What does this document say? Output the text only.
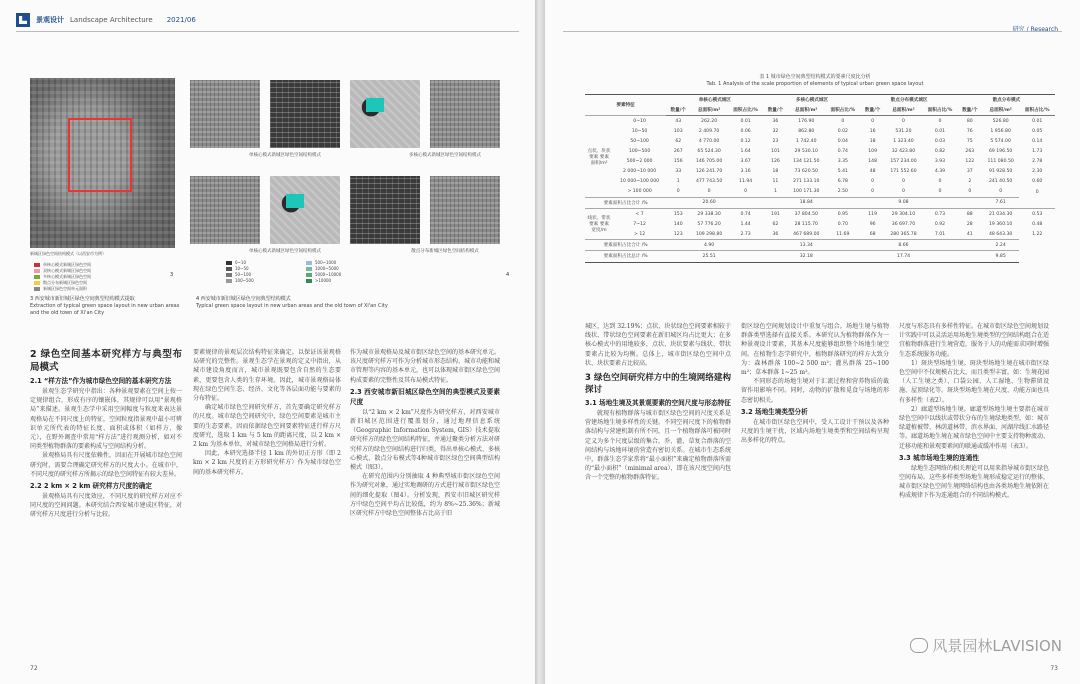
景观设计 Landscape Architecture 2021/06
新城区绿色空间结构模式（以西安市为例）
单核心模式新城区绿色空间
双核心模式新城区绿色空间
多核心模式新城区绿色空间
散点分布新城区绿色空间
新城区绿色空间单元面积
3
单核心模式新城区绿色空间结构模式	多核心模式新城区绿色空间结构模式
单核心模式新城区绿色空间结构模式	散点分布新城区绿色空间结构模式
0~10
10~50
50~100
100~500
500~1000
1000~5000
5000~10000
>10000
4
3 西安城市新旧城区绿色空间典型结构模式提取
Extraction of typical green space layout in new urban areas and the old town of Xi'an City
4 西安城市新旧城区绿色空间典型结构模式
Typical green space layout in new urban areas and the old town of Xi'an City
2 绿色空间基本研究样方与典型布局模式
2.1 “样方法”作为城市绿色空间的基本研究方法

景观生态学研究中指出：各种景观要素在空间上按一定规律组合，形成有序的镶嵌体，其规律可以用“景观格局”来描述。景观生态学中采用空间幅度与粒度来表达景观格局在不同尺度上的特征，空间粒度指景观中最小可辨识单元所代表的特征长度、面积或体积（如样方、像元），在野外调查中常用“样方法”进行观测分析，如对不同类型植物群落的要素构成与空间结构分析。

景观格局具有尺度依赖性，因而在开展城市绿色空间研究时，需要合理确定研究样方的尺度大小。在城市中，不同尺度的研究样方所揭示的绿色空间特征有较大差异。

2.2 2 km × 2 km 研究样方尺度的确定

景观格局具有尺度效应，不同尺度的研究样方对应不同尺度的空间问题。本研究结合西安城市建成区特征，对研究样方尺度进行分析与比较。

要素规律的景观层次结构特征来确定。以保证该景观格局研究的完整性。景观生态学在景观的定义中指出，从城市建设角度而言，城市景观既要包含自然的生态要素，更要包含人类的生存环境。因此，城市景观格局体现在绿色空间生态、经济、文化等各层面功能与要素的分布特征。

确定城市绿色空间研究样方，首先要确定研究样方的尺度。城市绿色空间研究中，绿色空间要素是城市主要的生态要素，因而依据绿色空间要素特征进行样方尺度研究，选取 1 km 与 5 km 的距离尺度，以 2 km × 2 km 为基本单位，对城市绿色空间格局进行分析。

因此，本研究选择半径 1 km 的外切正方形（即 2 km × 2 km 尺度的正方形研究样方）作为城市绿色空间的基本研究样方。

作为城市景观格局及城市街区绿色空间的基本研究单元。该尺度研究样方可作为分析城市形态结构、城市功能和城市管理等内容的基本单元，也可以体现城市街区绿色空间构成要素的完整性及其布局模式特征。

2.3 西安城市新旧城区绿色空间的典型模式及要素尺度

以“2 km × 2 km”尺度作为研究样方，对西安城市新旧城区范围进行覆盖划分，通过地理信息系统（Geographic Information System, GIS）技术提取研究样方的绿色空间结构特征，并通过聚类分析方法对研究样方的绿色空间结构进行归类，得出单核心模式、多核心模式、散点分布模式等4种城市街区绿色空间典型结构模式（图3）。

在研究范围内分别抽取 4 种典型城市街区绿色空间作为研究对象，通过实地调研的方式进行城市街区绿色空间的细化提取（图4）。分析发现，西安市旧城区研究样方中绿色空间平均占比较低，约为 8%~25.36%；新城区研究样方中绿色空间整体占比高于旧

72
研究 / Research
表 1 城市绿色空间典型结构模式的要素尺度比分析
Tab. 1 Analysis of the scale proportion of elements of typical urban green space layout
要素特征		单核心模式城区			多核心模式城区			散点分布模式城区			散点分布模式		
		数量/个	总面积/m²	面积占比/%	数量/个	总面积/m²	面积占比/%	数量/个	总面积/m²	面积占比/%	数量/个	总面积/m²	面积占比/%
点状、块状要素 要素面积/m²	0~10	43	262.20	0.01	36	176.90	0	0	0	0	80	526.80	0.01
	10~50	103	2 409.70	0.06	32	862.80	0.02	16	531.20	0.01	76	1 956.80	0.05
	50~100	62	4 770.00	0.12	23	1 742.40	0.04	18	1 323.40	0.03	75	5 574.00	0.14
	100~500	267	65 524.30	1.64	101	29 530.10	0.74	109	32 423.80	0.82	263	69 196.50	1.73
	500~2 000	156	146 705.00	3.67	126	134 121.50	3.35	148	157 234.00	3.93	122	111 080.50	2.78
	2 000~10 000	33	126 241.70	3.16	18	73 620.50	5.41	48	171 552.60	4.39	37	91 928.50	2.30
	10 000~100 000	1	477 743.50	11.94	11	271 133.10	6.78	0	0	0	2	241 40.50	0.60
	> 100 000	0	0	0	1	100 171.30	2.50	0	0	0	0	0	0
要素面积占比合计 /%			20.60			18.84			9.08			7.61	
线状、带状要素 要素宽度/m	< 7	153	29 338.30	0.74	191	37 804.50	0.95	119	29 304.10	0.73	88	21 034.30	0.53
	7~12	140	57 776.20	1.44	62	28 115.70	0.70	96	36 697.70	0.92	28	19 360.10	0.48
	> 12	123	109 298.80	2.73	36	467 689.00	11.69	68	280 365.78	7.01	41	48 643.30	1.22
要素面积占比合计 /%			4.90			13.34			8.66			2.24	
要素面积占比总计 /%			25.51			32.18			17.74			9.85	

城区，达到 32.19%；点状、块状绿色空间要素相较于线状、带状绿色空间要素在新旧城区均占比更大；在多核心模式中的用地较多，点状、块状要素与线状、带状要素占比较为均衡。总体上，城市街区绿色空间中点状、块状要素占比较高。

3 绿色空间研究样方中的生境网络建构探讨
3.1 场地生境及其景观要素的空间尺度与形态特征

就现有植物群落与城市街区绿色空间的尺度关系是营建场地生境多样性的关键。不同空间尺度下的植物群落结构与营建机制有所不同，且一个植物群落可被同时定义为多个尺度层级的集合，乔、灌、草复合群落的空间结构与场地环境的营造有密切关系。在城市生态系统中，群落生态学家常将“最小面积”来确定植物群落所需的“最小面积”（minimal area），即在该尺度空间内包含一个完整的植物群落特征。

街区绿色空间规划设计中重复与组合。场地生境与植物群落类型选择有直接关系。本研究认为植物群落作为一种景观设计要素，其基本尺度能够组织整个场地生境空间。在植物生态学研究中，植物群落研究的样方大致分为：森林群落 100~2 500 m²；灌丛群落 25~100 m²；草本群落 1~25 m²。

不同形态的场地生境对于汇流过程和营养物质的截留作用影响不同。同时，动物的扩散和觅食与场地的形态密切相关。

3.2 场地生境类型分析

在城市街区绿色空间中，受人工设计干预以及各种尺度的生境干扰，区域内场地生境类型和空间结构呈现出多样化的特点。

尺度与形态具有多样性特征。在城市街区绿色空间规划设计实践中可以灵活运用场地生境类型的空间结构组合在适宜植物群落进行生境营造，服务于人的功能需求同时增强生态系统服务功能。

1）斑块型场地生境。斑块型场地生境在城市街区绿色空间中不仅规模占比大，而且类型丰富，如：生境花园（人工生境之类）、口袋公园、人工湿地、生物滞留设施、屋顶绿化等。斑块型场地生境在尺度、功能方面也具有多样性（表2）。

2）廊道型场地生境。廊道型场地生境主要指在城市绿色空间中以线状或带状分布的生境绿地类型，如：城市绿道植被带、林荫道林带、滨水界面、河湖岸线汇水路径等。廊道场地生境在城市绿色空间中主要支持物种流动、迁移功能和景观要素间的联通或缓冲作用（表3）。

3.3 城市场地生境的连通性

绿地生态网络的相关理论可以用来指导城市街区绿色空间布局。这些多样类型场地生境形成稳定运行的整体，城市街区绿色空间生境网络结构也由各类场地生境依附在构成规律下作为连通组合的不同结构模式。

风景园林LAVISION
73
